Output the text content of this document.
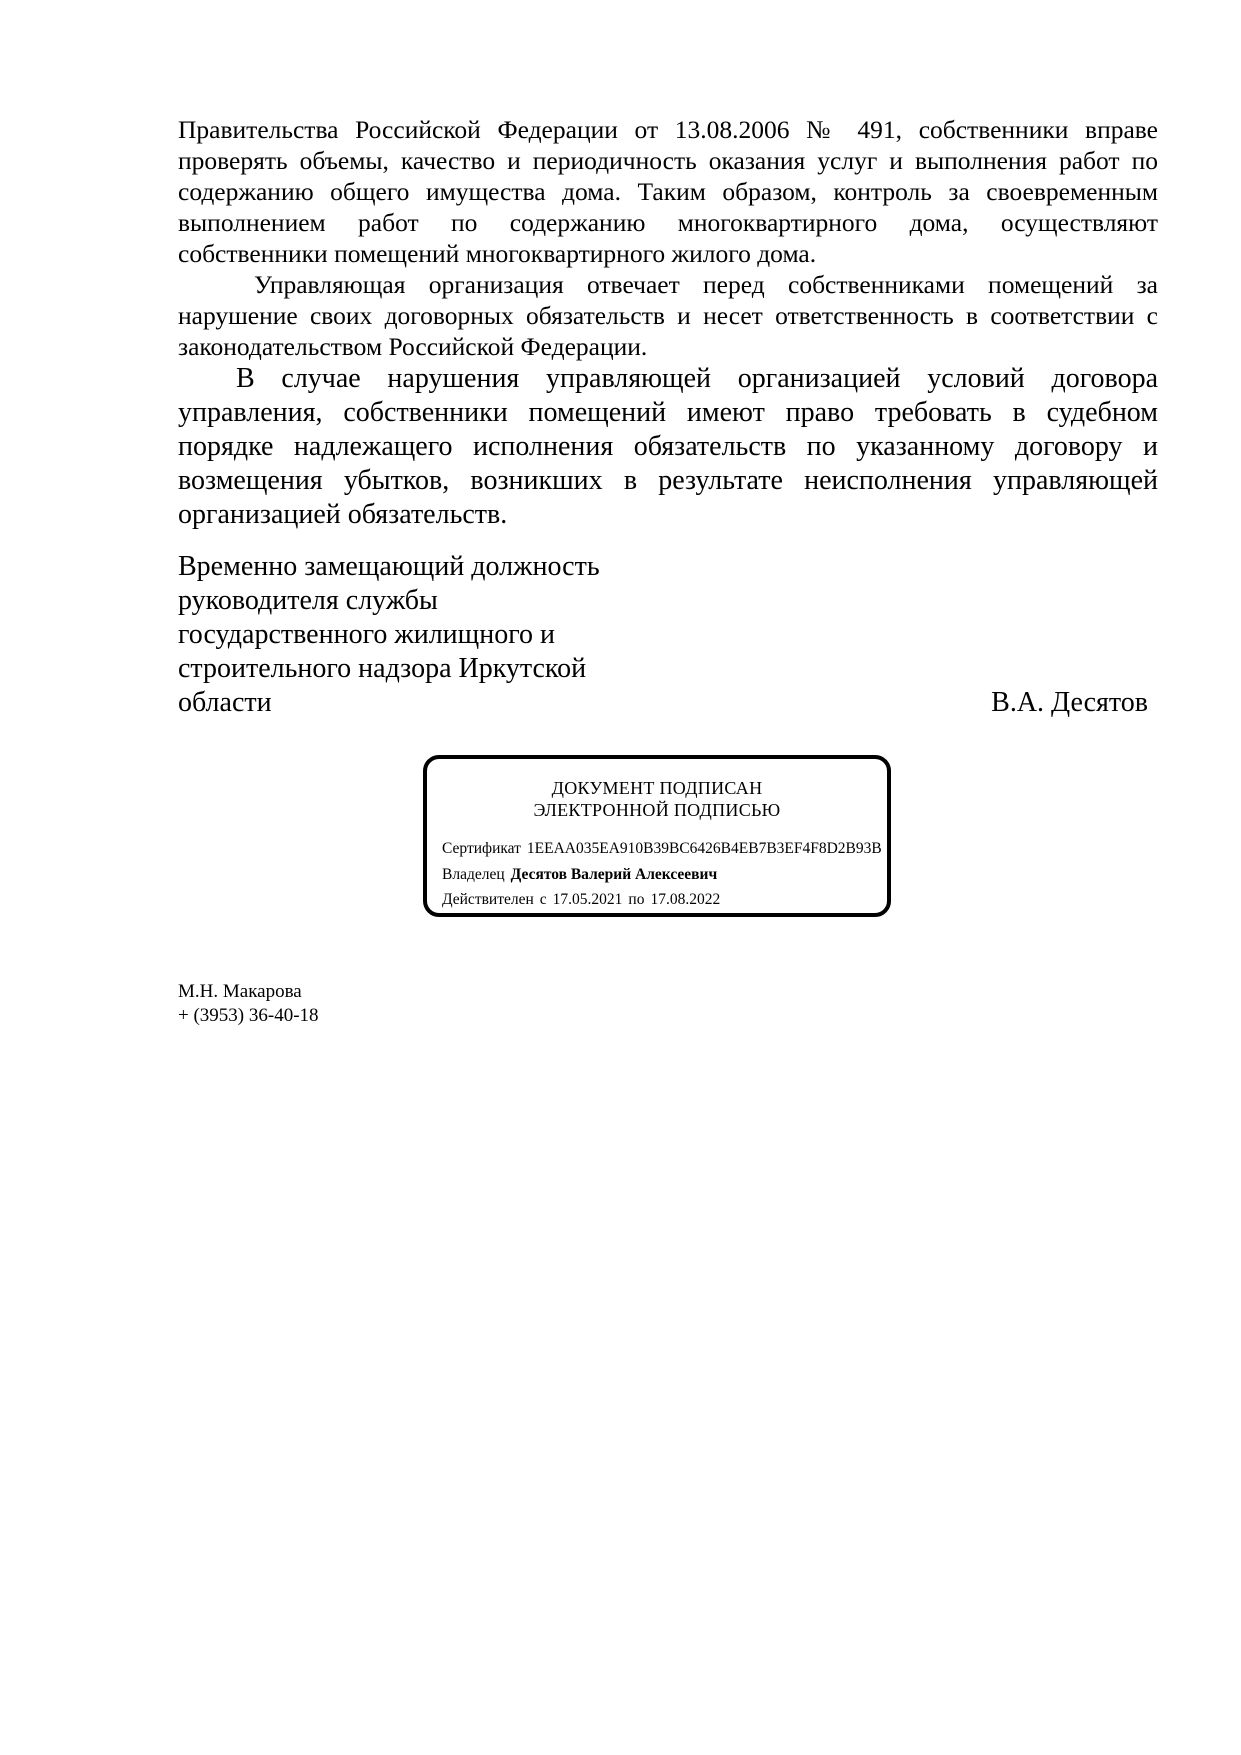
Правительства Российской Федерации от 13.08.2006 № 491, собственники вправе проверять объемы, качество и периодичность оказания услуг и выполнения работ по содержанию общего имущества дома. Таким образом, контроль за своевременным выполнением работ по содержанию многоквартирного дома, осуществляют собственники помещений многоквартирного жилого дома.

Управляющая организация отвечает перед собственниками помещений за нарушение своих договорных обязательств и несет ответственность в соответствии с законодательством Российской Федерации.

В случае нарушения управляющей организацией условий договора управления, собственники помещений имеют право требовать в судебном порядке надлежащего исполнения обязательств по указанному договору и возмещения убытков, возникших в результате неисполнения управляющей организацией обязательств.

Временно замещающий должность
руководителя службы
государственного жилищного и
строительного надзора Иркутской
области	В.А. Десятов

ДОКУМЕНТ ПОДПИСАН
ЭЛЕКТРОННОЙ ПОДПИСЬЮ

Сертификат 1EEAA035EA910B39BC6426B4EB7B3EF4F8D2B93B

Владелец Десятов Валерий Алексеевич

Действителен с 17.05.2021 по 17.08.2022

М.Н. Макарова
+ (3953) 36-40-18
